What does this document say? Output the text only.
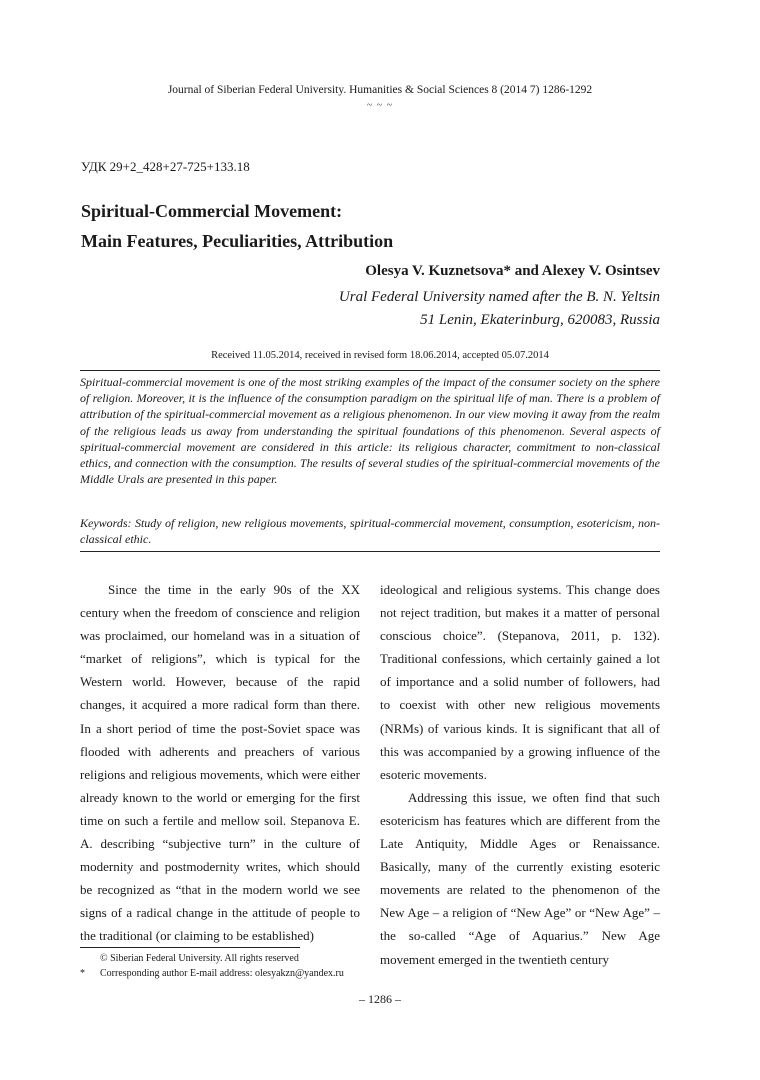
Journal of Siberian Federal University. Humanities & Social Sciences 8 (2014 7) 1286-1292
~ ~ ~
УДК 29+2_428+27-725+133.18
Spiritual-Commercial Movement:
Main Features, Peculiarities, Attribution
Olesya V. Kuznetsova* and Alexey V. Osintsev
Ural Federal University named after the B. N. Yeltsin
51 Lenin, Ekaterinburg, 620083, Russia
Received 11.05.2014, received in revised form 18.06.2014, accepted 05.07.2014
Spiritual-commercial movement is one of the most striking examples of the impact of the consumer society on the sphere of religion. Moreover, it is the influence of the consumption paradigm on the spiritual life of man. There is a problem of attribution of the spiritual-commercial movement as a religious phenomenon. In our view moving it away from the realm of the religious leads us away from understanding the spiritual foundations of this phenomenon. Several aspects of spiritual-commercial movement are considered in this article: its religious character, commitment to non-classical ethics, and connection with the consumption. The results of several studies of the spiritual-commercial movements of the Middle Urals are presented in this paper.
Keywords: Study of religion, new religious movements, spiritual-commercial movement, consumption, esotericism, non-classical ethic.

Since the time in the early 90s of the XX century when the freedom of conscience and religion was proclaimed, our homeland was in a situation of “market of religions”, which is typical for the Western world. However, because of the rapid changes, it acquired a more radical form than there. In a short period of time the post-Soviet space was flooded with adherents and preachers of various religions and religious movements, which were either already known to the world or emerging for the first time on such a fertile and mellow soil. Stepanova E. A. describing “subjective turn” in the culture of modernity and postmodernity writes, which should be recognized as “that in the modern world we see signs of a radical change in the attitude of people to the traditional (or claiming to be established)

ideological and religious systems. This change does not reject tradition, but makes it a matter of personal conscious choice”. (Stepanova, 2011, p. 132). Traditional confessions, which certainly gained a lot of importance and a solid number of followers, had to coexist with other new religious movements (NRMs) of various kinds. It is significant that all of this was accompanied by a growing influence of the esoteric movements.

Addressing this issue, we often find that such esotericism has features which are different from the Late Antiquity, Middle Ages or Renaissance. Basically, many of the currently existing esoteric movements are related to the phenomenon of the New Age – a religion of “New Age” or “New Age” – the so-called “Age of Aquarius.” New Age movement emerged in the twentieth century

© Siberian Federal University. All rights reserved
* Corresponding author E-mail address: olesyakzn@yandex.ru
– 1286 –
